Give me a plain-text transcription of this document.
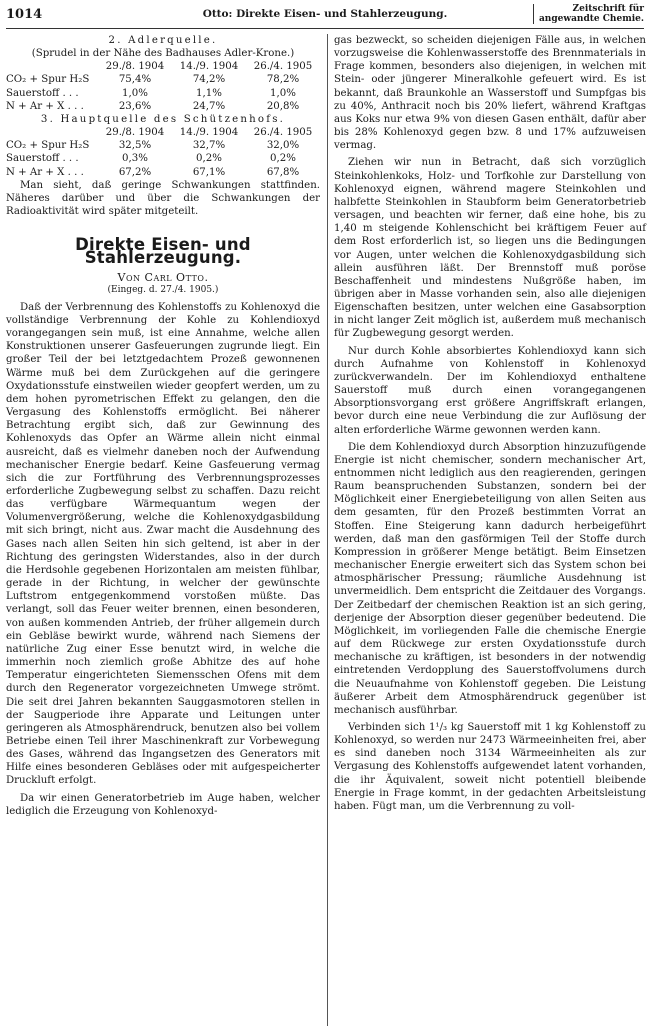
1014	Otto: Direkte Eisen- und Stahlerzeugung.	Zeitschrift für
angewandte Chemie.

2. Adlerquelle.

(Sprudel in der Nähe des Badhauses Adler-Krone.)

	29./8. 1904	14./9. 1904	26./4. 1905
CO₂ + Spur H₂S	75,4%	74,2%	78,2%
Sauerstoff . . .	1,0%	1,1%	1,0%
N + Ar + X . . .	23,6%	24,7%	20,8%

3. Hauptquelle des Schützenhofs.

	29./8. 1904	14./9. 1904	26./4. 1905
CO₂ + Spur H₂S	32,5%	32,7%	32,0%
Sauerstoff . . .	0,3%	0,2%	0,2%
N + Ar + X . . .	67,2%	67,1%	67,8%

Man sieht, daß geringe Schwankungen stattfinden. Näheres darüber und über die Schwankungen der Radioaktivität wird später mitgeteilt.

Direkte Eisen- und Stahlerzeugung.
Von Carl Otto.
(Eingeg. d. 27./4. 1905.)

Daß der Verbrennung des Kohlenstoffs zu Kohlenoxyd die vollständige Verbrennung der Kohle zu Kohlendioxyd vorangegangen sein muß, ist eine Annahme, welche allen Konstruktionen unserer Gasfeuerungen zugrunde liegt. Ein großer Teil der bei letztgedachtem Prozeß gewonnenen Wärme muß bei dem Zurückgehen auf die geringere Oxydationsstufe einstweilen wieder geopfert werden, um zu dem hohen pyrometrischen Effekt zu gelangen, den die Vergasung des Kohlenstoffs ermöglicht. Bei näherer Betrachtung ergibt sich, daß zur Gewinnung des Kohlenoxyds das Opfer an Wärme allein nicht einmal ausreicht, daß es vielmehr daneben noch der Aufwendung mechanischer Energie bedarf. Keine Gasfeuerung vermag sich die zur Fortführung des Verbrennungsprozesses erforderliche Zugbewegung selbst zu schaffen. Dazu reicht das verfügbare Wärmequantum wegen der Volumenvergrößerung, welche die Kohlenoxydgasbildung mit sich bringt, nicht aus. Zwar macht die Ausdehnung des Gases nach allen Seiten hin sich geltend, ist aber in der Richtung des geringsten Widerstandes, also in der durch die Herdsohle gegebenen Horizontalen am meisten fühlbar, gerade in der Richtung, in welcher der gewünschte Luftstrom entgegenkommend vorstoßen müßte. Das verlangt, soll das Feuer weiter brennen, einen besonderen, von außen kommenden Antrieb, der früher allgemein durch ein Gebläse bewirkt wurde, während nach Siemens der natürliche Zug einer Esse benutzt wird, in welche die immerhin noch ziemlich große Abhitze des auf hohe Temperatur eingerichteten Siemensschen Ofens mit dem durch den Regenerator vorgezeichneten Umwege strömt. Die seit drei Jahren bekannten Sauggasmotoren stellen in der Saugperiode ihre Apparate und Leitungen unter geringeren als Atmosphärendruck, benutzen also bei vollem Betriebe einen Teil ihrer Maschinenkraft zur Vorbewegung des Gases, während das Ingangsetzen des Generators mit Hilfe eines besonderen Gebläses oder mit aufgespeicherter Druckluft erfolgt.

Da wir einen Generatorbetrieb im Auge haben, welcher lediglich die Erzeugung von Kohlenoxyd-

gas bezweckt, so scheiden diejenigen Fälle aus, in welchen vorzugsweise die Kohlenwasserstoffe des Brennmaterials in Frage kommen, besonders also diejenigen, in welchen mit Stein- oder jüngerer Mineralkohle gefeuert wird. Es ist bekannt, daß Braunkohle an Wasserstoff und Sumpfgas bis zu 40%, Anthracit noch bis 20% liefert, während Kraftgas aus Koks nur etwa 9% von diesen Gasen enthält, dafür aber bis 28% Kohlenoxyd gegen bzw. 8 und 17% aufzuweisen vermag.

Ziehen wir nun in Betracht, daß sich vorzüglich Steinkohlenkoks, Holz- und Torfkohle zur Darstellung von Kohlenoxyd eignen, während magere Steinkohlen und halbfette Steinkohlen in Staubform beim Generatorbetrieb versagen, und beachten wir ferner, daß eine hohe, bis zu 1,40 m steigende Kohlenschicht bei kräftigem Feuer auf dem Rost erforderlich ist, so liegen uns die Bedingungen vor Augen, unter welchen die Kohlenoxydgasbildung sich allein ausführen läßt. Der Brennstoff muß poröse Beschaffenheit und mindestens Nußgröße haben, im übrigen aber in Masse vorhanden sein, also alle diejenigen Eigenschaften besitzen, unter welchen eine Gasabsorption in nicht langer Zeit möglich ist, außerdem muß mechanisch für Zugbewegung gesorgt werden.

Nur durch Kohle absorbiertes Kohlendioxyd kann sich durch Aufnahme von Kohlenstoff in Kohlenoxyd zurückverwandeln. Der im Kohlendioxyd enthaltene Sauerstoff muß durch einen vorangegangenen Absorptionsvorgang erst größere Angriffskraft erlangen, bevor durch eine neue Verbindung die zur Auflösung der alten erforderliche Wärme gewonnen werden kann.

Die dem Kohlendioxyd durch Absorption hinzuzufügende Energie ist nicht chemischer, sondern mechanischer Art, entnommen nicht lediglich aus den reagierenden, geringen Raum beanspruchenden Substanzen, sondern bei der Möglichkeit einer Energiebeteiligung von allen Seiten aus dem gesamten, für den Prozeß bestimmten Vorrat an Stoffen. Eine Steigerung kann dadurch herbeigeführt werden, daß man den gasförmigen Teil der Stoffe durch Kompression in größerer Menge betätigt. Beim Einsetzen mechanischer Energie erweitert sich das System schon bei atmosphärischer Pressung; räumliche Ausdehnung ist unvermeidlich. Dem entspricht die Zeitdauer des Vorgangs. Der Zeitbedarf der chemischen Reaktion ist an sich gering, derjenige der Absorption dieser gegenüber bedeutend. Die Möglichkeit, im vorliegenden Falle die chemische Energie auf dem Rückwege zur ersten Oxydationsstufe durch mechanische zu kräftigen, ist besonders in der notwendig eintretenden Verdopplung des Sauerstoffvolumens durch die Neuaufnahme von Kohlenstoff gegeben. Die Leistung äußerer Arbeit dem Atmosphärendruck gegenüber ist mechanisch ausführbar.

Verbinden sich 1¹/₃ kg Sauerstoff mit 1 kg Kohlenstoff zu Kohlenoxyd, so werden nur 2473 Wärmeeinheiten frei, aber es sind daneben noch 3134 Wärmeeinheiten als zur Vergasung des Kohlenstoffs aufgewendet latent vorhanden, die ihr Äquivalent, soweit nicht potentiell bleibende Energie in Frage kommt, in der gedachten Arbeitsleistung haben. Fügt man, um die Verbrennung zu voll-
